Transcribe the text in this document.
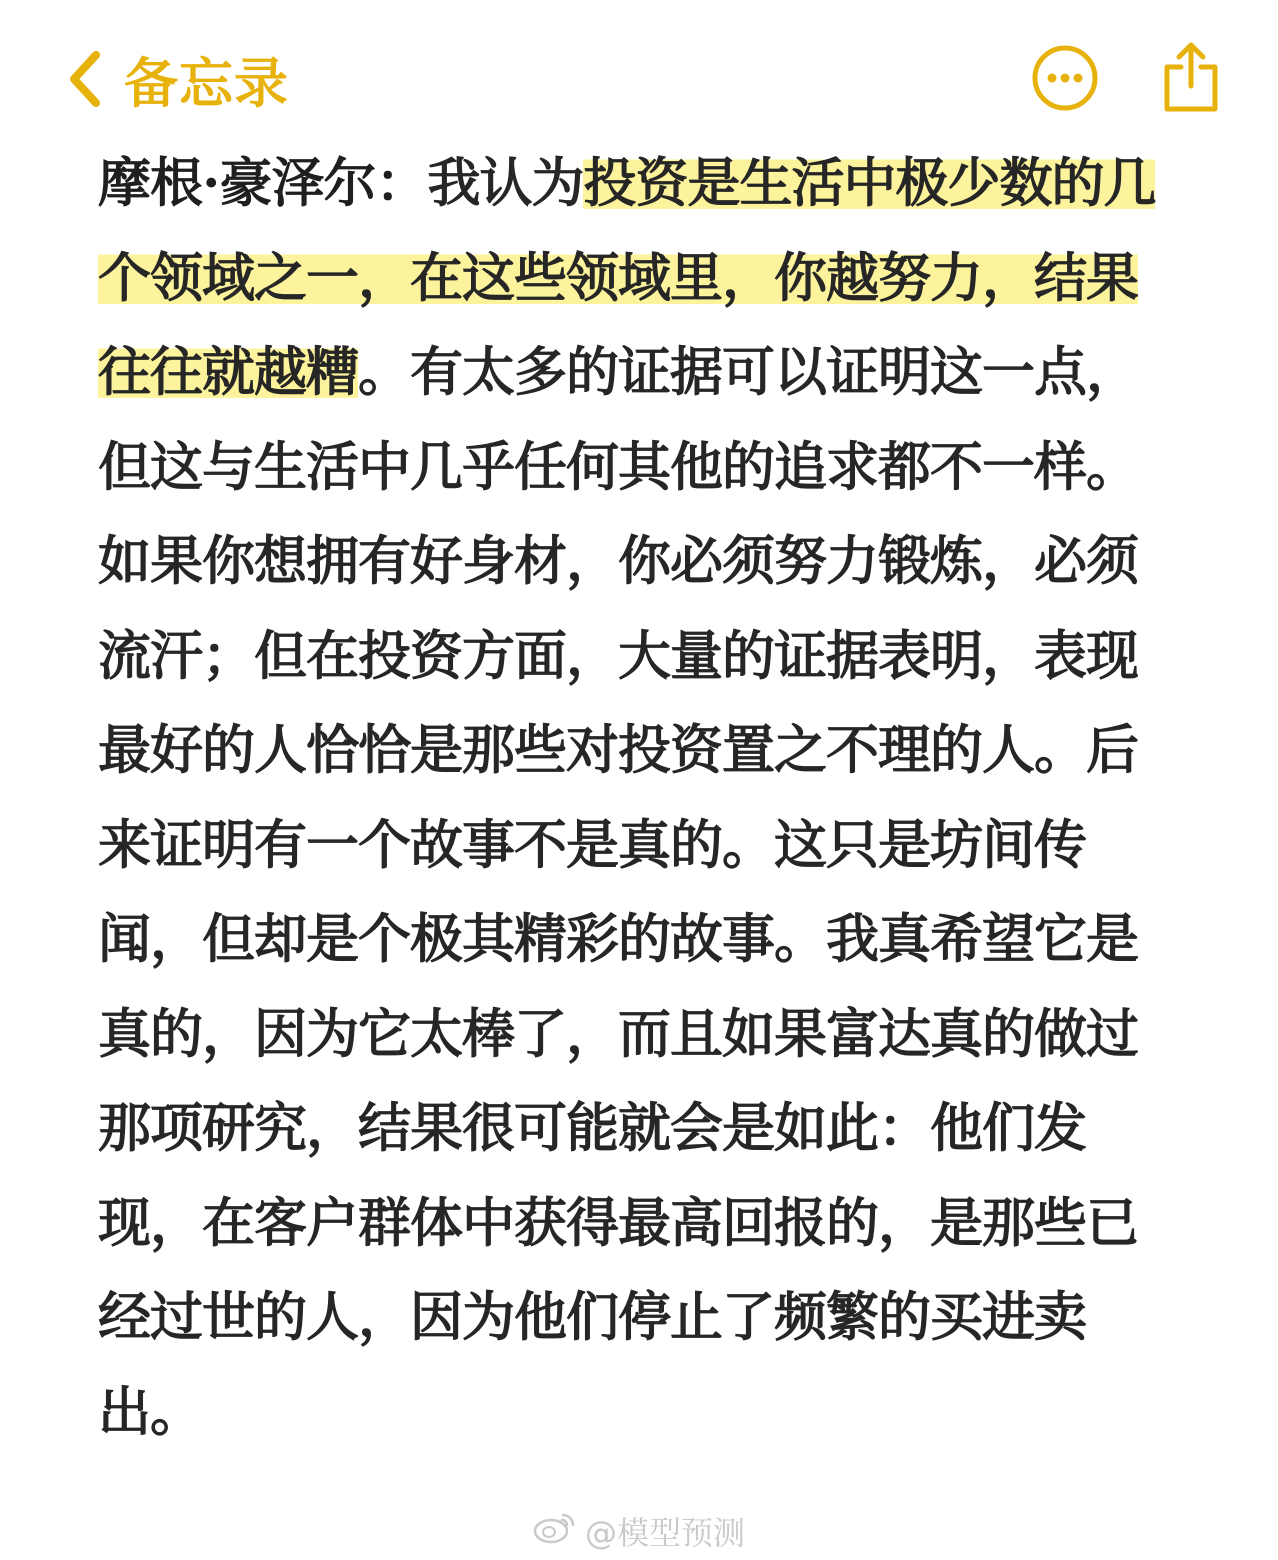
备忘录

摩根·豪泽尔：我认为投资是生活中极少数的几个领域之一，在这些领域里，你越努力，结果往往就越糟。有太多的证据可以证明这一点，但这与生活中几乎任何其他的追求都不一样。如果你想拥有好身材，你必须努力锻炼，必须流汗；但在投资方面，大量的证据表明，表现最好的人恰恰是那些对投资置之不理的人。后来证明有一个故事不是真的。这只是坊间传闻，但却是个极其精彩的故事。我真希望它是真的，因为它太棒了，而且如果富达真的做过那项研究，结果很可能就会是如此：他们发现，在客户群体中获得最高回报的，是那些已经过世的人，因为他们停止了频繁的买进卖出。

@模型预测
